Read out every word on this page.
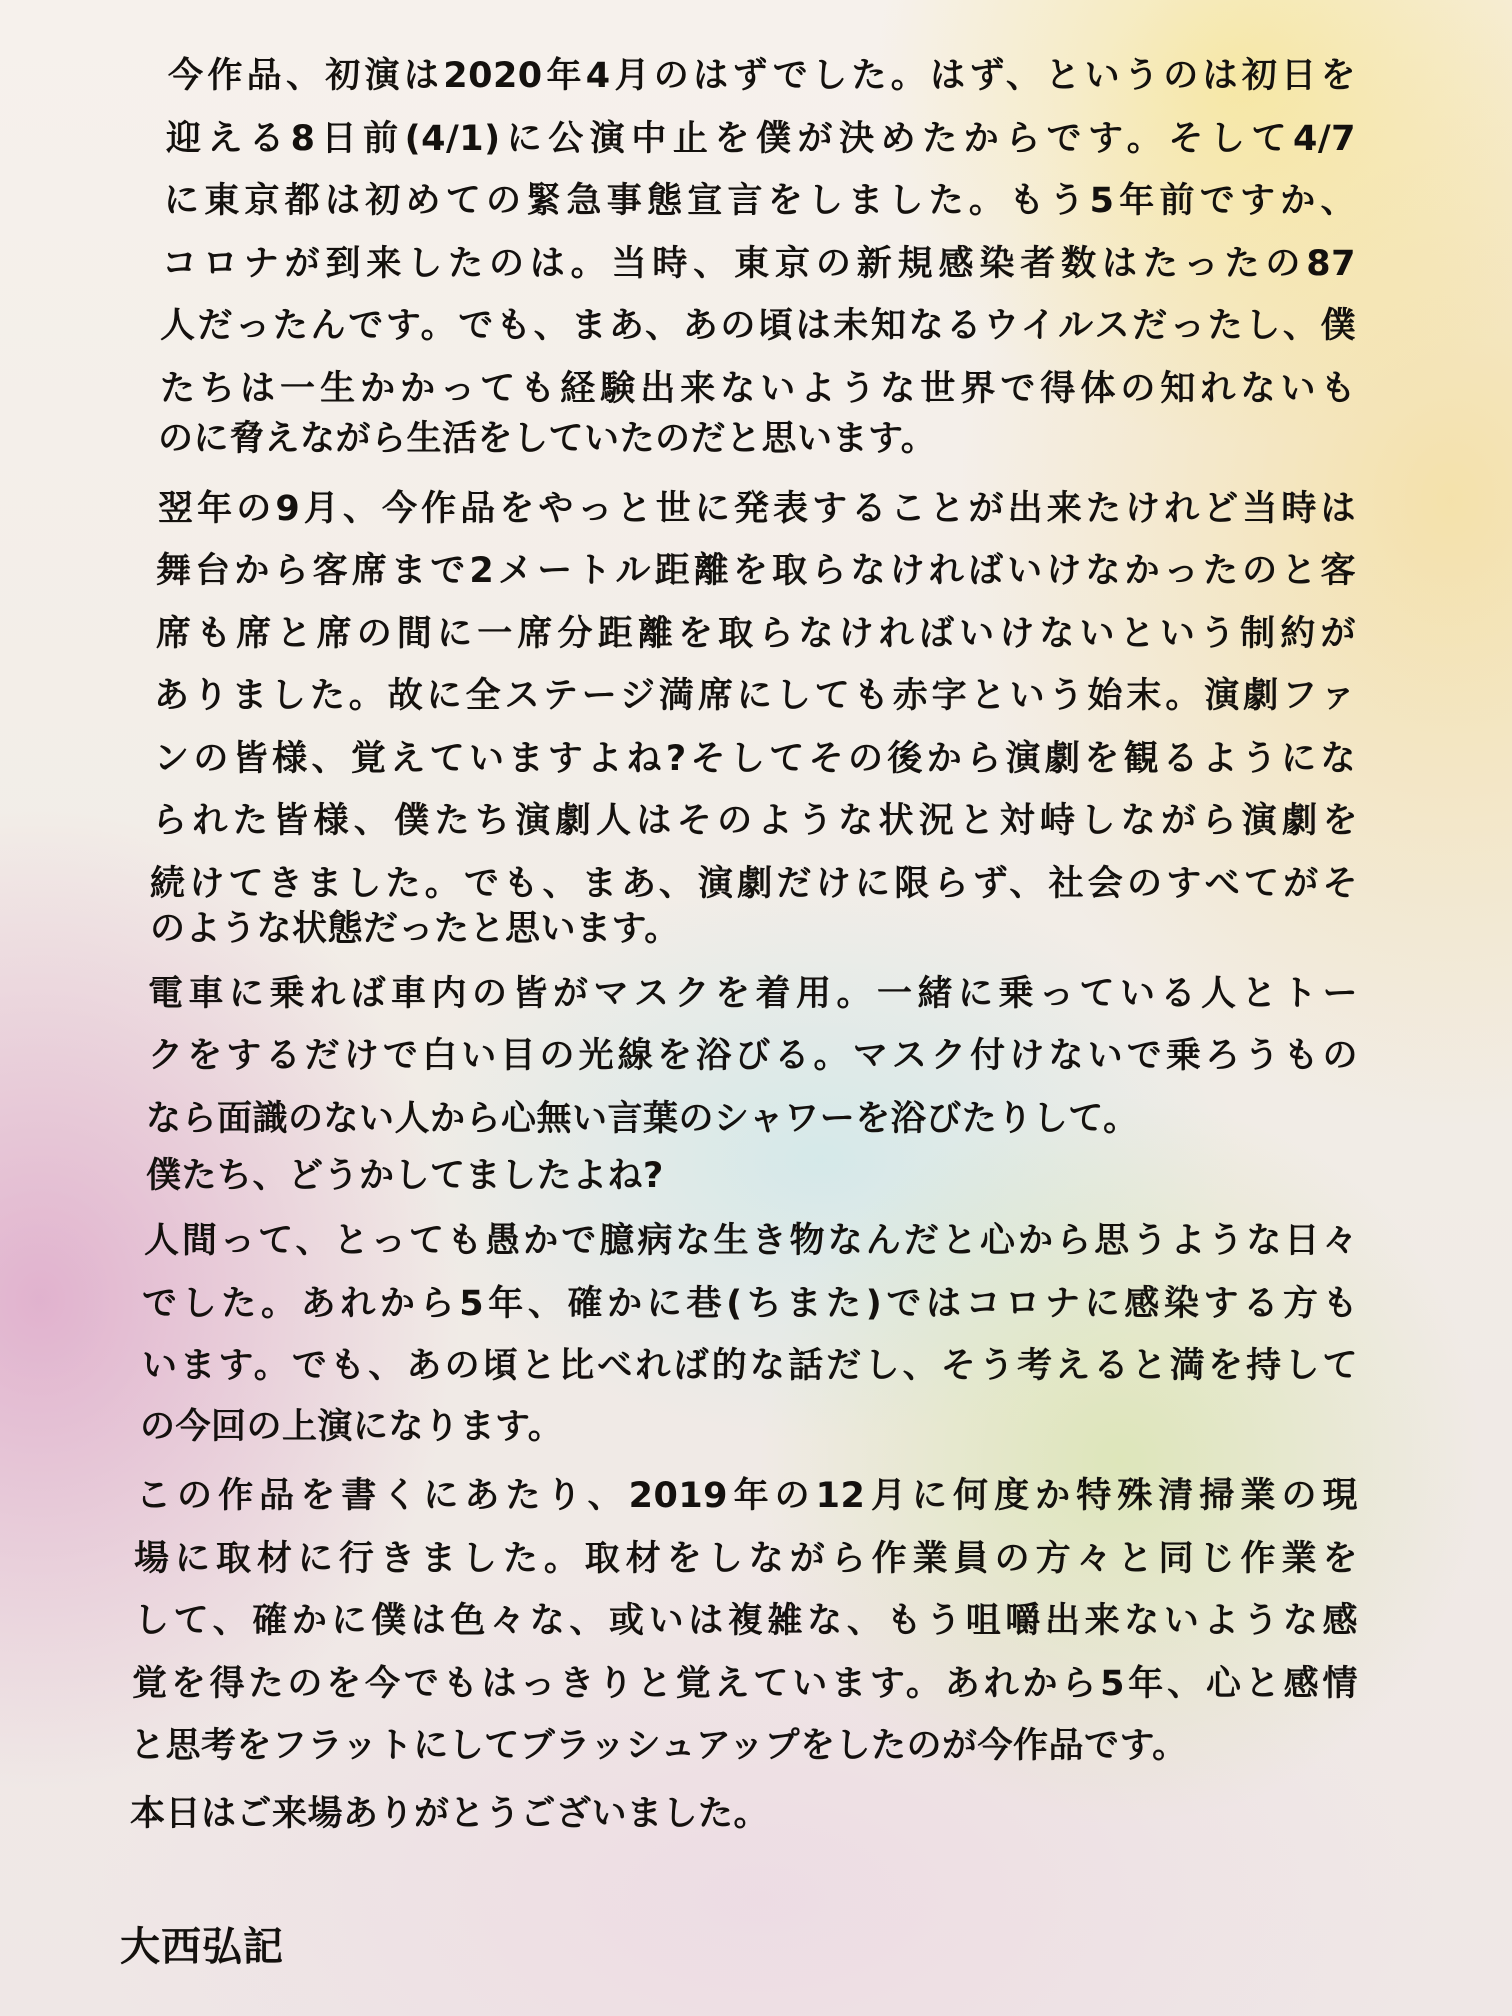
今作品、初演は2020年4月のはずでした。はず、というのは初日を

迎える8日前(4/1)に公演中止を僕が決めたからです。そして4/7

に東京都は初めての緊急事態宣言をしました。もう5年前ですか、

コロナが到来したのは。当時、東京の新規感染者数はたったの87

人だったんです。でも、まあ、あの頃は未知なるウイルスだったし、僕

たちは一生かかっても経験出来ないような世界で得体の知れないも

のに脅えながら生活をしていたのだと思います。

翌年の9月、今作品をやっと世に発表することが出来たけれど当時は

舞台から客席まで2メートル距離を取らなければいけなかったのと客

席も席と席の間に一席分距離を取らなければいけないという制約が

ありました。故に全ステージ満席にしても赤字という始末。演劇ファ

ンの皆様、覚えていますよね?そしてその後から演劇を観るようにな

られた皆様、僕たち演劇人はそのような状況と対峙しながら演劇を

続けてきました。でも、まあ、演劇だけに限らず、社会のすべてがそ

のような状態だったと思います。

電車に乗れば車内の皆がマスクを着用。一緒に乗っている人とトー

クをするだけで白い目の光線を浴びる。マスク付けないで乗ろうもの

なら面識のない人から心無い言葉のシャワーを浴びたりして。

僕たち、どうかしてましたよね?

人間って、とっても愚かで臆病な生き物なんだと心から思うような日々

でした。あれから5年、確かに巷(ちまた)ではコロナに感染する方も

います。でも、あの頃と比べれば的な話だし、そう考えると満を持して

の今回の上演になります。

この作品を書くにあたり、2019年の12月に何度か特殊清掃業の現

場に取材に行きました。取材をしながら作業員の方々と同じ作業を

して、確かに僕は色々な、或いは複雑な、もう咀嚼出来ないような感

覚を得たのを今でもはっきりと覚えています。あれから5年、心と感情

と思考をフラットにしてブラッシュアップをしたのが今作品です。

本日はご来場ありがとうございました。

大西弘記
